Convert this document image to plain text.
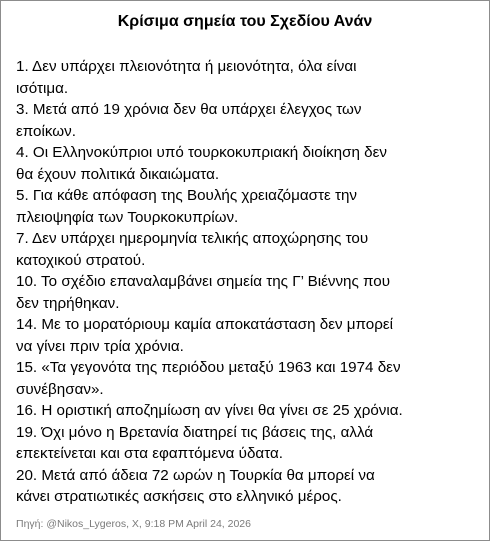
Κρίσιμα σημεία του Σχεδίου Ανάν
1. Δεν υπάρχει πλειονότητα ή μειονότητα, όλα είναι
ισότιμα.
3. Μετά από 19 χρόνια δεν θα υπάρχει έλεγχος των
εποίκων.
4. Οι Ελληνοκύπριοι υπό τουρκοκυπριακή διοίκηση δεν
θα έχουν πολιτικά δικαιώματα.
5. Για κάθε απόφαση της Βουλής χρειαζόμαστε την
πλειοψηφία των Τουρκοκυπρίων.
7. Δεν υπάρχει ημερομηνία τελικής αποχώρησης του
κατοχικού στρατού.
10. Το σχέδιο επαναλαμβάνει σημεία της Γ’ Βιέννης που
δεν τηρήθηκαν.
14. Με το μορατόριουμ καμία αποκατάσταση δεν μπορεί
να γίνει πριν τρία χρόνια.
15. «Τα γεγονότα της περιόδου μεταξύ 1963 και 1974 δεν
συνέβησαν».
16. Η οριστική αποζημίωση αν γίνει θα γίνει σε 25 χρόνια.
19. Όχι μόνο η Βρετανία διατηρεί τις βάσεις της, αλλά
επεκτείνεται και στα εφαπτόμενα ύδατα.
20. Μετά από άδεια 72 ωρών η Τουρκία θα μπορεί να
κάνει στρατιωτικές ασκήσεις στο ελληνικό μέρος.
Πηγή: @Nikos_Lygeros, X, 9:18 PM April 24, 2026
